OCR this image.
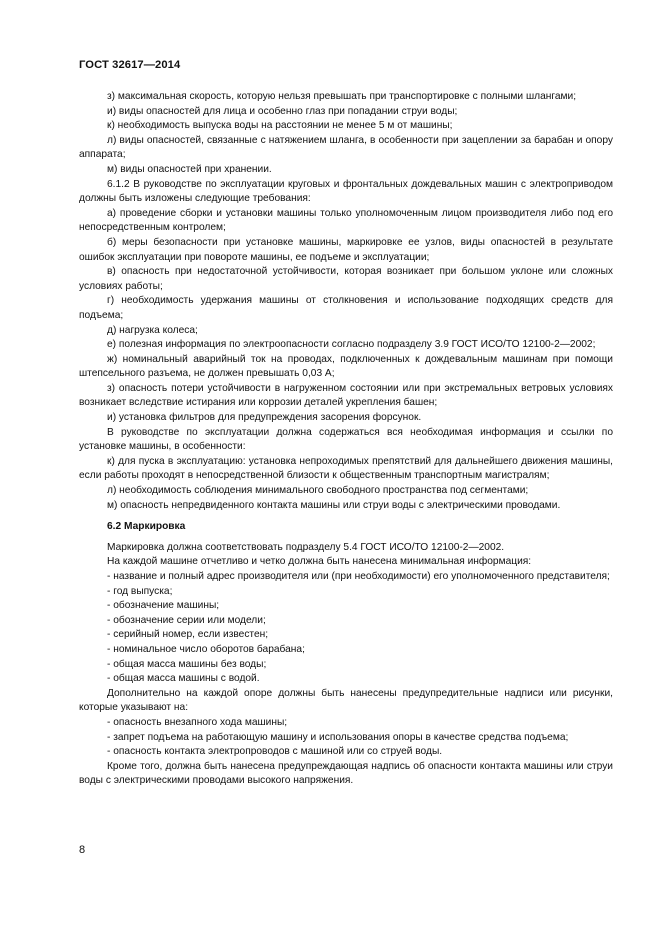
ГОСТ 32617—2014
з) максимальная скорость, которую нельзя превышать при транспортировке с полными шлангами;
и) виды опасностей для лица и особенно глаз при попадании струи воды;
к) необходимость выпуска воды на расстоянии не менее 5 м от машины;
л) виды опасностей, связанные с натяжением шланга, в особенности при зацеплении за барабан и опору аппарата;
м) виды опасностей при хранении.
6.1.2 В руководстве по эксплуатации круговых и фронтальных дождевальных машин с электроприводом должны быть изложены следующие требования:
а) проведение сборки и установки машины только уполномоченным лицом производителя либо под его непосредственным контролем;
б) меры безопасности при установке машины, маркировке ее узлов, виды опасностей в результате ошибок эксплуатации при повороте машины, ее подъеме и эксплуатации;
в) опасность при недостаточной устойчивости, которая возникает при большом уклоне или сложных условиях работы;
г) необходимость удержания машины от столкновения и использование подходящих средств для подъема;
д) нагрузка колеса;
е) полезная информация по электроопасности согласно подразделу 3.9 ГОСТ ИСО/ТО 12100-2—2002;
ж) номинальный аварийный ток на проводах, подключенных к дождевальным машинам при помощи штепсельного разъема, не должен превышать 0,03 А;
з) опасность потери устойчивости в нагруженном состоянии или при экстремальных ветровых условиях возникает вследствие истирания или коррозии деталей укрепления башен;
и) установка фильтров для предупреждения засорения форсунок.
В руководстве по эксплуатации должна содержаться вся необходимая информация и ссылки по установке машины, в особенности:
к) для пуска в эксплуатацию: установка непроходимых препятствий для дальнейшего движения машины, если работы проходят в непосредственной близости к общественным транспортным магистралям;
л) необходимость соблюдения минимального свободного пространства под сегментами;
м) опасность непредвиденного контакта машины или струи воды с электрическими проводами.
6.2 Маркировка
Маркировка должна соответствовать подразделу 5.4 ГОСТ ИСО/ТО 12100-2—2002.
На каждой машине отчетливо и четко должна быть нанесена минимальная информация:
- название и полный адрес производителя или (при необходимости) его уполномоченного представителя;
- год выпуска;
- обозначение машины;
- обозначение серии или модели;
- серийный номер, если известен;
- номинальное число оборотов барабана;
- общая масса машины без воды;
- общая масса машины с водой.
Дополнительно на каждой опоре должны быть нанесены предупредительные надписи или рисунки, которые указывают на:
- опасность внезапного хода машины;
- запрет подъема на работающую машину и использования опоры в качестве средства подъема;
- опасность контакта электропроводов с машиной или со струей воды.
Кроме того, должна быть нанесена предупреждающая надпись об опасности контакта машины или струи воды с электрическими проводами высокого напряжения.
8
